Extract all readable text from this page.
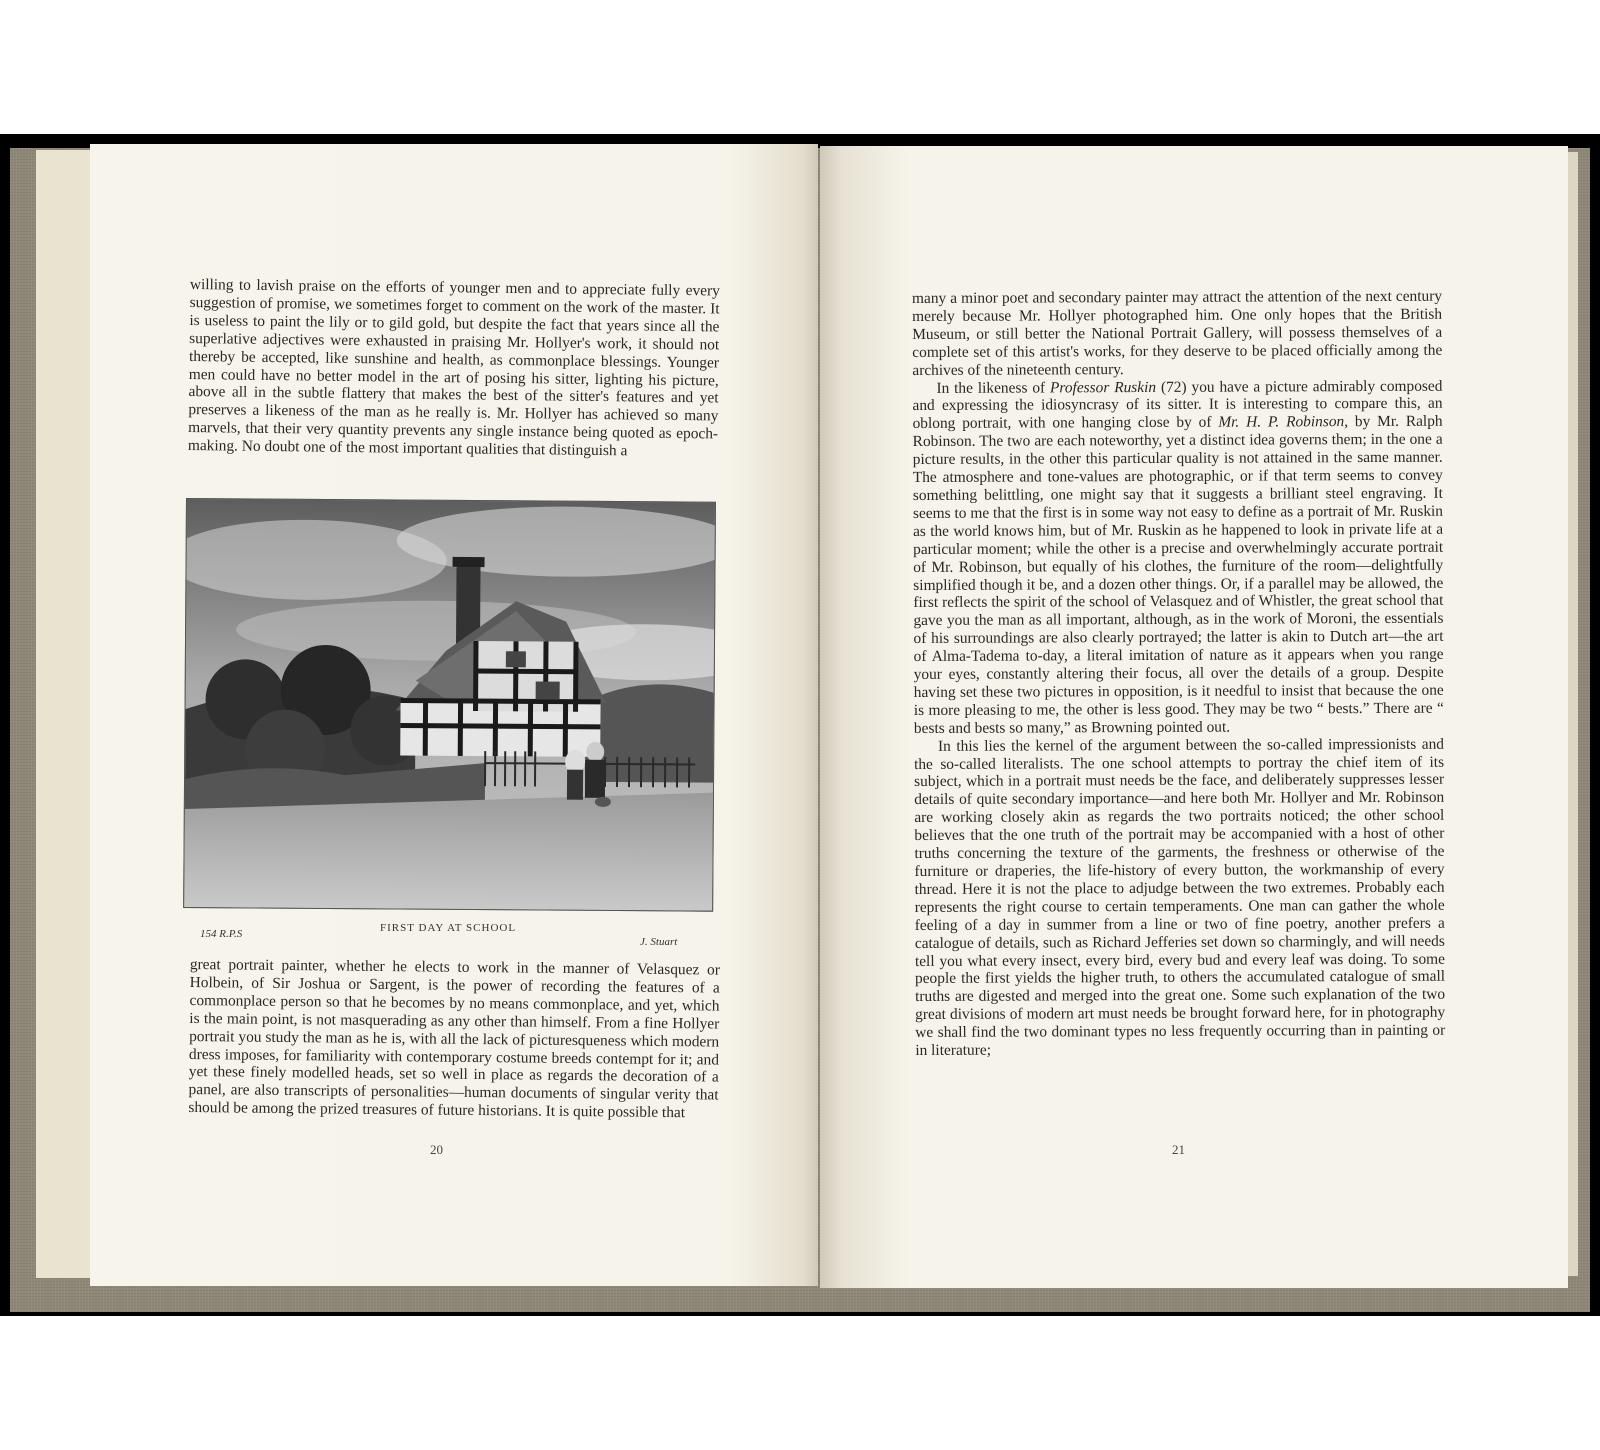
willing to lavish praise on the efforts of younger men and to appreciate fully every suggestion of promise, we sometimes forget to comment on the work of the master. It is useless to paint the lily or to gild gold, but despite the fact that years since all the superlative adjectives were exhausted in praising Mr. Hollyer's work, it should not thereby be accepted, like sunshine and health, as commonplace blessings. Younger men could have no better model in the art of posing his sitter, lighting his picture, above all in the subtle flattery that makes the best of the sitter's features and yet preserves a likeness of the man as he really is. Mr. Hollyer has achieved so many marvels, that their very quantity prevents any single instance being quoted as epoch-making. No doubt one of the most important qualities that distinguish a

FIRST DAY AT SCHOOL
154 R.P.S
J. Stuart

great portrait painter, whether he elects to work in the manner of Velasquez or Holbein, of Sir Joshua or Sargent, is the power of recording the features of a commonplace person so that he becomes by no means commonplace, and yet, which is the main point, is not masquerading as any other than himself. From a fine Hollyer portrait you study the man as he is, with all the lack of picturesqueness which modern dress imposes, for familiarity with contemporary costume breeds contempt for it; and yet these finely modelled heads, set so well in place as regards the decoration of a panel, are also transcripts of personalities—human documents of singular verity that should be among the prized treasures of future historians. It is quite possible that

20

many a minor poet and secondary painter may attract the attention of the next century merely because Mr. Hollyer photographed him. One only hopes that the British Museum, or still better the National Portrait Gallery, will possess themselves of a complete set of this artist's works, for they deserve to be placed officially among the archives of the nineteenth century.

In the likeness of Professor Ruskin (72) you have a picture admirably composed and expressing the idiosyncrasy of its sitter. It is interesting to compare this, an oblong portrait, with one hanging close by of Mr. H. P. Robinson, by Mr. Ralph Robinson. The two are each noteworthy, yet a distinct idea governs them; in the one a picture results, in the other this particular quality is not attained in the same manner. The atmosphere and tone-values are photographic, or if that term seems to convey something belittling, one might say that it suggests a brilliant steel engraving. It seems to me that the first is in some way not easy to define as a portrait of Mr. Ruskin as the world knows him, but of Mr. Ruskin as he happened to look in private life at a particular moment; while the other is a precise and overwhelmingly accurate portrait of Mr. Robinson, but equally of his clothes, the furniture of the room—delightfully simplified though it be, and a dozen other things. Or, if a parallel may be allowed, the first reflects the spirit of the school of Velasquez and of Whistler, the great school that gave you the man as all important, although, as in the work of Moroni, the essentials of his surroundings are also clearly portrayed; the latter is akin to Dutch art—the art of Alma-Tadema to-day, a literal imitation of nature as it appears when you range your eyes, constantly altering their focus, all over the details of a group. Despite having set these two pictures in opposition, is it needful to insist that because the one is more pleasing to me, the other is less good. They may be two “ bests.” There are “ bests and bests so many,” as Browning pointed out.

In this lies the kernel of the argument between the so-called impressionists and the so-called literalists. The one school attempts to portray the chief item of its subject, which in a portrait must needs be the face, and deliberately suppresses lesser details of quite secondary importance—and here both Mr. Hollyer and Mr. Robinson are working closely akin as regards the two portraits noticed; the other school believes that the one truth of the portrait may be accompanied with a host of other truths concerning the texture of the garments, the freshness or otherwise of the furniture or draperies, the life-history of every button, the workmanship of every thread. Here it is not the place to adjudge between the two extremes. Probably each represents the right course to certain temperaments. One man can gather the whole feeling of a day in summer from a line or two of fine poetry, another prefers a catalogue of details, such as Richard Jefferies set down so charmingly, and will needs tell you what every insect, every bird, every bud and every leaf was doing. To some people the first yields the higher truth, to others the accumulated catalogue of small truths are digested and merged into the great one. Some such explanation of the two great divisions of modern art must needs be brought forward here, for in photography we shall find the two dominant types no less frequently occurring than in painting or in literature;

21
